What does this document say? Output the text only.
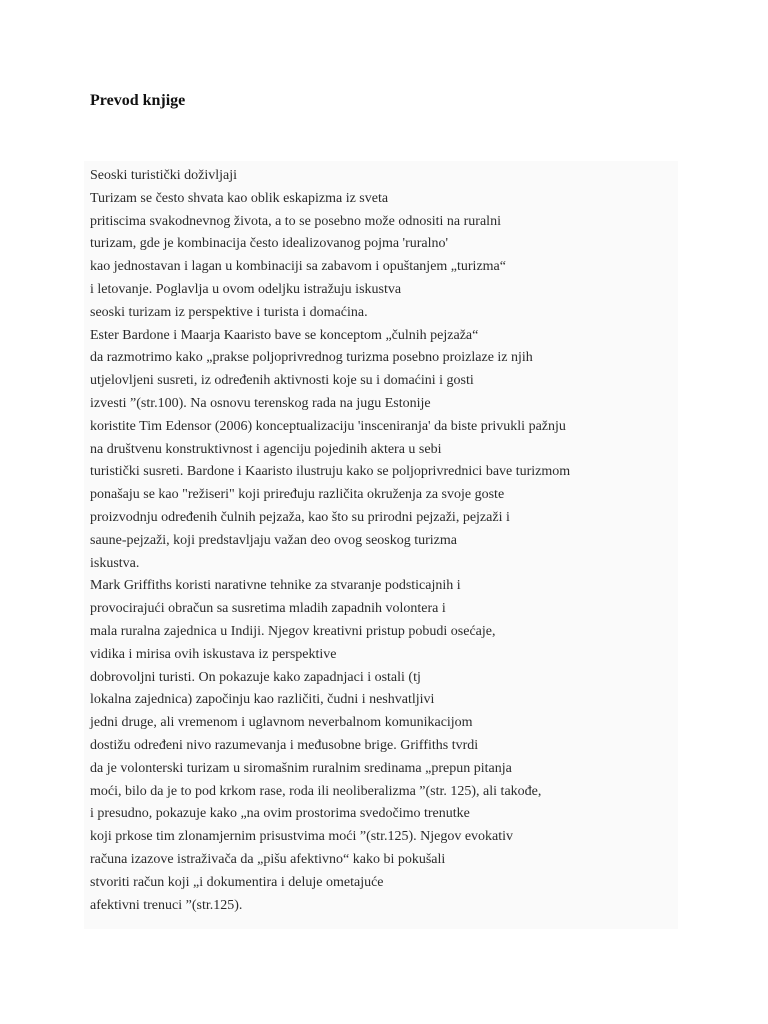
Prevod knjige
Seoski turistički doživljaji
Turizam se često shvata kao oblik eskapizma iz sveta
pritiscima svakodnevnog života, a to se posebno može odnositi na ruralni
turizam, gde je kombinacija često idealizovanog pojma 'ruralno'
kao jednostavan i lagan u kombinaciji sa zabavom i opuštanjem „turizma“
i letovanje. Poglavlja u ovom odeljku istražuju iskustva
seoski turizam iz perspektive i turista i domaćina.
Ester Bardone i Maarja Kaaristo bave se konceptom „čulnih pejzaža“
da razmotrimo kako „prakse poljoprivrednog turizma posebno proizlaze iz njih
utjelovljeni susreti, iz određenih aktivnosti koje su i domaćini i gosti
izvesti ”(str.100). Na osnovu terenskog rada na jugu Estonije
koristite Tim Edensor (2006) konceptualizaciju 'insceniranja' da biste privukli pažnju
na društvenu konstruktivnost i agenciju pojedinih aktera u sebi
turistički susreti. Bardone i Kaaristo ilustruju kako se poljoprivrednici bave turizmom
ponašaju se kao "režiseri" koji priređuju različita okruženja za svoje goste
proizvodnju određenih čulnih pejzaža, kao što su prirodni pejzaži, pejzaži i
saune-pejzaži, koji predstavljaju važan deo ovog seoskog turizma
iskustva.
Mark Griffiths koristi narativne tehnike za stvaranje podsticajnih i
provocirajući obračun sa susretima mladih zapadnih volontera i
mala ruralna zajednica u Indiji. Njegov kreativni pristup pobudi osećaje,
vidika i mirisa ovih iskustava iz perspektive
dobrovoljni turisti. On pokazuje kako zapadnjaci i ostali (tj
lokalna zajednica) započinju kao različiti, čudni i neshvatljivi
jedni druge, ali vremenom i uglavnom neverbalnom komunikacijom
dostižu određeni nivo razumevanja i međusobne brige. Griffiths tvrdi
da je volonterski turizam u siromašnim ruralnim sredinama „prepun pitanja
moći, bilo da je to pod krkom rase, roda ili neoliberalizma ”(str. 125), ali takođe,
i presudno, pokazuje kako „na ovim prostorima svedočimo trenutke
koji prkose tim zlonamjernim prisustvima moći ”(str.125). Njegov evokativ
računa izazove istraživača da „pišu afektivno“ kako bi pokušali
stvoriti račun koji „i dokumentira i deluje ometajuće
afektivni trenuci ”(str.125).
